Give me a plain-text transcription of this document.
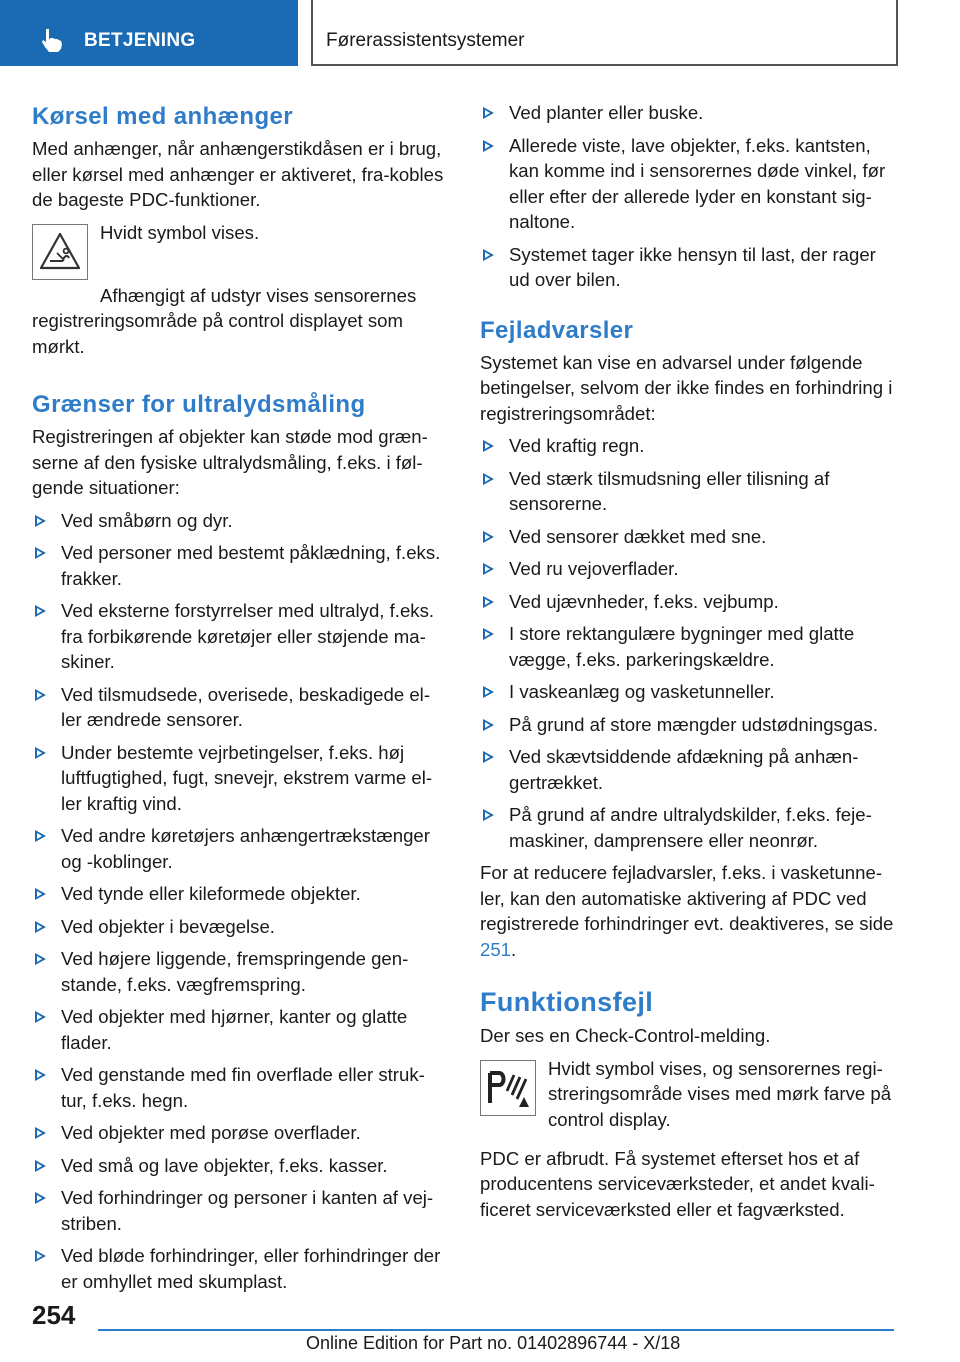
BETJENING	Førerassistentsystemer
Kørsel med anhænger

Med anhænger, når anhængerstikdåsen er i brug, eller kørsel med anhænger er aktiveret, fra-kobles de bageste PDC-funktioner.

Hvidt symbol vises.

Afhængigt af udstyr vises sensorernes registreringsområde på control displayet som mørkt.

Grænser for ultralydsmåling

Registreringen af objekter kan støde mod græn-serne af den fysiske ultralydsmåling, f.eks. i føl-gende situationer:

Ved småbørn og dyr.
Ved personer med bestemt påklædning, f.eks. frakker.
Ved eksterne forstyrrelser med ultralyd, f.eks. fra forbikørende køretøjer eller støjende ma-skiner.
Ved tilsmudsede, overisede, beskadigede el-ler ændrede sensorer.
Under bestemte vejrbetingelser, f.eks. høj luftfugtighed, fugt, snevejr, ekstrem varme el-ler kraftig vind.
Ved andre køretøjers anhængertrækstænger og -koblinger.
Ved tynde eller kileformede objekter.
Ved objekter i bevægelse.
Ved højere liggende, fremspringende gen-stande, f.eks. vægfremspring.
Ved objekter med hjørner, kanter og glatte flader.
Ved genstande med fin overflade eller struk-tur, f.eks. hegn.
Ved objekter med porøse overflader.
Ved små og lave objekter, f.eks. kasser.
Ved forhindringer og personer i kanten af vej-striben.
Ved bløde forhindringer, eller forhindringer der er omhyllet med skumplast.
Ved planter eller buske.
Allerede viste, lave objekter, f.eks. kantsten, kan komme ind i sensorernes døde vinkel, før eller efter der allerede lyder en konstant sig-naltone.
Systemet tager ikke hensyn til last, der rager ud over bilen.
Fejladvarsler

Systemet kan vise en advarsel under følgende betingelser, selvom der ikke findes en forhindring i registreringsområdet:

Ved kraftig regn.
Ved stærk tilsmudsning eller tilisning af sensorerne.
Ved sensorer dækket med sne.
Ved ru vejoverflader.
Ved ujævnheder, f.eks. vejbump.
I store rektangulære bygninger med glatte vægge, f.eks. parkeringskældre.
I vaskeanlæg og vasketunneller.
På grund af store mængder udstødningsgas.
Ved skævtsiddende afdækning på anhæn-gertrækket.
På grund af andre ultralydskilder, f.eks. feje-maskiner, damprensere eller neonrør.

For at reducere fejladvarsler, f.eks. i vasketunne-ler, kan den automatiske aktivering af PDC ved registrerede forhindringer evt. deaktiveres, se side 251.

Funktionsfejl

Der ses en Check-Control-melding.

Hvidt symbol vises, og sensorernes regi-streringsområde vises med mørk farve på control display.

PDC er afbrudt. Få systemet efterset hos et af producentens serviceværksteder, et andet kvali-ficeret serviceværksted eller et fagværksted.

254
Online Edition for Part no. 01402896744 - X/18
